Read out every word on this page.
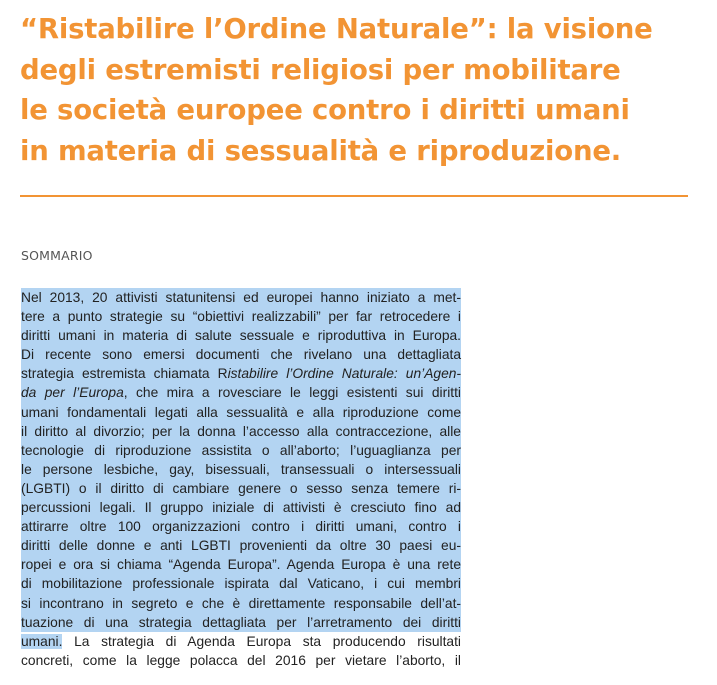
“Ristabilire l’Ordine Naturale”: la visione
degli estremisti religiosi per mobilitare
le società europee contro i diritti umani
in materia di sessualità e riproduzione.
SOMMARIO
Nel 2013, 20 attivisti statunitensi ed europei hanno iniziato a met-
tere a punto strategie su “obiettivi realizzabili” per far retrocedere i
diritti umani in materia di salute sessuale e riproduttiva in Europa.
Di recente sono emersi documenti che rivelano una dettagliata
strategia estremista chiamata Ristabilire l’Ordine Naturale: un’Agen-
da per l’Europa, che mira a rovesciare le leggi esistenti sui diritti
umani fondamentali legati alla sessualità e alla riproduzione come
il diritto al divorzio; per la donna l’accesso alla contraccezione, alle
tecnologie di riproduzione assistita o all’aborto; l’uguaglianza per
le persone lesbiche, gay, bisessuali, transessuali o intersessuali
(LGBTI) o il diritto di cambiare genere o sesso senza temere ri-
percussioni legali. Il gruppo iniziale di attivisti è cresciuto fino ad
attirarre oltre 100 organizzazioni contro i diritti umani, contro i
diritti delle donne e anti LGBTI provenienti da oltre 30 paesi eu-
ropei e ora si chiama “Agenda Europa”. Agenda Europa è una rete
di mobilitazione professionale ispirata dal Vaticano, i cui membri
si incontrano in segreto e che è direttamente responsabile dell’at-
tuazione di una strategia dettagliata per l’arretramento dei diritti
umani. La strategia di Agenda Europa sta producendo risultati
concreti, come la legge polacca del 2016 per vietare l’aborto, il
